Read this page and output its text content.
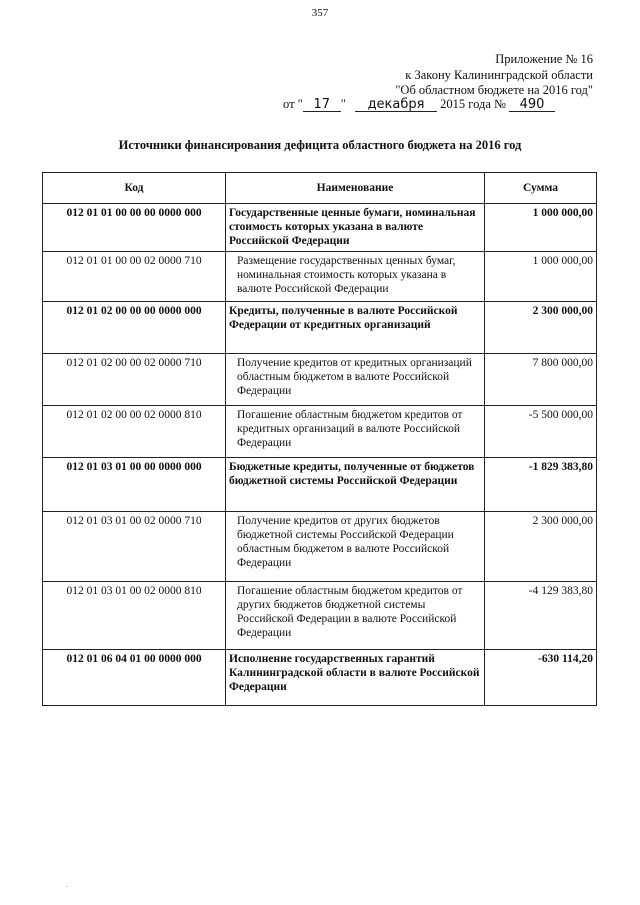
357
Приложение № 16
к Закону Калининградской области
"Об областном бюджете на 2016 год"
от " 17 " декабря 2015 года № 490
Источники финансирования дефицита областного бюджета на 2016 год
Код	Наименование	Сумма
012 01 01 00 00 00 0000 000	Государственные ценные бумаги, номинальная стоимость которых указана в валюте Российской Федерации	1 000 000,00
012 01 01 00 00 02 0000 710	Размещение государственных ценных бумаг, номинальная стоимость которых указана в валюте Российской Федерации	1 000 000,00
012 01 02 00 00 00 0000 000	Кредиты, полученные в валюте Российской Федерации от кредитных организаций	2 300 000,00
012 01 02 00 00 02 0000 710	Получение кредитов от кредитных организаций областным бюджетом в валюте Российской Федерации	7 800 000,00
012 01 02 00 00 02 0000 810	Погашение областным бюджетом кредитов от кредитных организаций в валюте Российской Федерации	-5 500 000,00
012 01 03 01 00 00 0000 000	Бюджетные кредиты, полученные от бюджетов бюджетной системы Российской Федерации	-1 829 383,80
012 01 03 01 00 02 0000 710	Получение кредитов от других бюджетов бюджетной системы Российской Федерации областным бюджетом в валюте Российской Федерации	2 300 000,00
012 01 03 01 00 02 0000 810	Погашение областным бюджетом кредитов от других бюджетов бюджетной системы Российской Федерации в валюте Российской Федерации	-4 129 383,80
012 01 06 04 01 00 0000 000	Исполнение государственных гарантий Калининградской области в валюте Российской Федерации	-630 114,20
.
